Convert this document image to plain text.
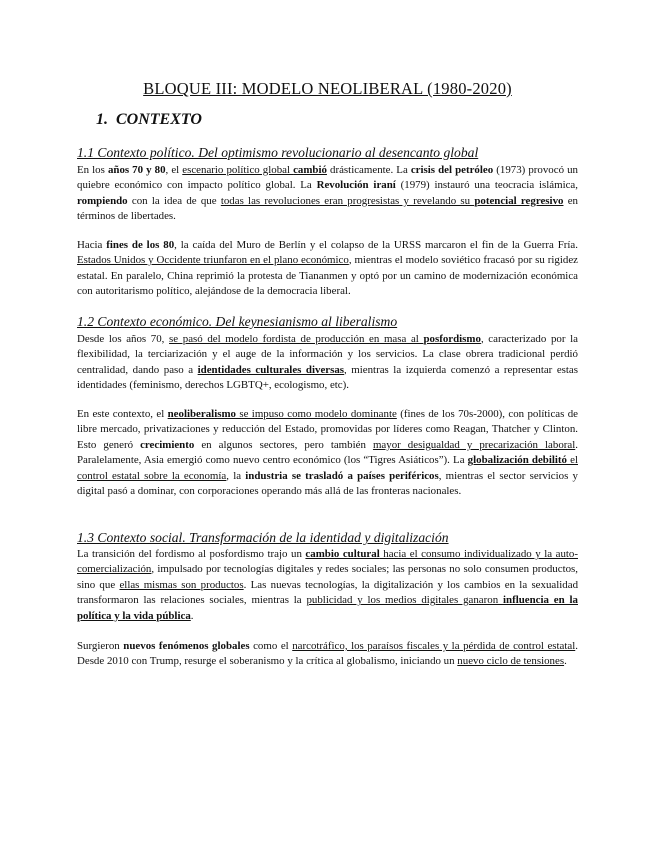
BLOQUE III: MODELO NEOLIBERAL (1980-2020)
1. CONTEXTO
1.1 Contexto político. Del optimismo revolucionario al desencanto global

En los años 70 y 80, el escenario político global cambió drásticamente. La crisis del petróleo (1973) provocó un quiebre económico con impacto político global. La Revolución iraní (1979) instauró una teocracia islámica, rompiendo con la idea de que todas las revoluciones eran progresistas y revelando su potencial regresivo en términos de libertades.

Hacia fines de los 80, la caída del Muro de Berlín y el colapso de la URSS marcaron el fin de la Guerra Fría. Estados Unidos y Occidente triunfaron en el plano económico, mientras el modelo soviético fracasó por su rigidez estatal. En paralelo, China reprimió la protesta de Tiananmen y optó por un camino de modernización económica con autoritarismo político, alejándose de la democracia liberal.

1.2 Contexto económico. Del keynesianismo al liberalismo

Desde los años 70, se pasó del modelo fordista de producción en masa al posfordismo, caracterizado por la flexibilidad, la terciarización y el auge de la información y los servicios. La clase obrera tradicional perdió centralidad, dando paso a identidades culturales diversas, mientras la izquierda comenzó a representar estas identidades (feminismo, derechos LGBTQ+, ecologismo, etc).

En este contexto, el neoliberalismo se impuso como modelo dominante (fines de los 70s-2000), con políticas de libre mercado, privatizaciones y reducción del Estado, promovidas por líderes como Reagan, Thatcher y Clinton. Esto generó crecimiento en algunos sectores, pero también mayor desigualdad y precarización laboral. Paralelamente, Asia emergió como nuevo centro económico (los “Tigres Asiáticos”). La globalización debilitó el control estatal sobre la economía, la industria se trasladó a países periféricos, mientras el sector servicios y digital pasó a dominar, con corporaciones operando más allá de las fronteras nacionales.

1.3 Contexto social. Transformación de la identidad y digitalización

La transición del fordismo al posfordismo trajo un cambio cultural hacia el consumo individualizado y la auto-comercialización, impulsado por tecnologías digitales y redes sociales; las personas no solo consumen productos, sino que ellas mismas son productos. Las nuevas tecnologías, la digitalización y los cambios en la sexualidad transformaron las relaciones sociales, mientras la publicidad y los medios digitales ganaron influencia en la política y la vida pública.

Surgieron nuevos fenómenos globales como el narcotráfico, los paraísos fiscales y la pérdida de control estatal. Desde 2010 con Trump, resurge el soberanismo y la crítica al globalismo, iniciando un nuevo ciclo de tensiones.
